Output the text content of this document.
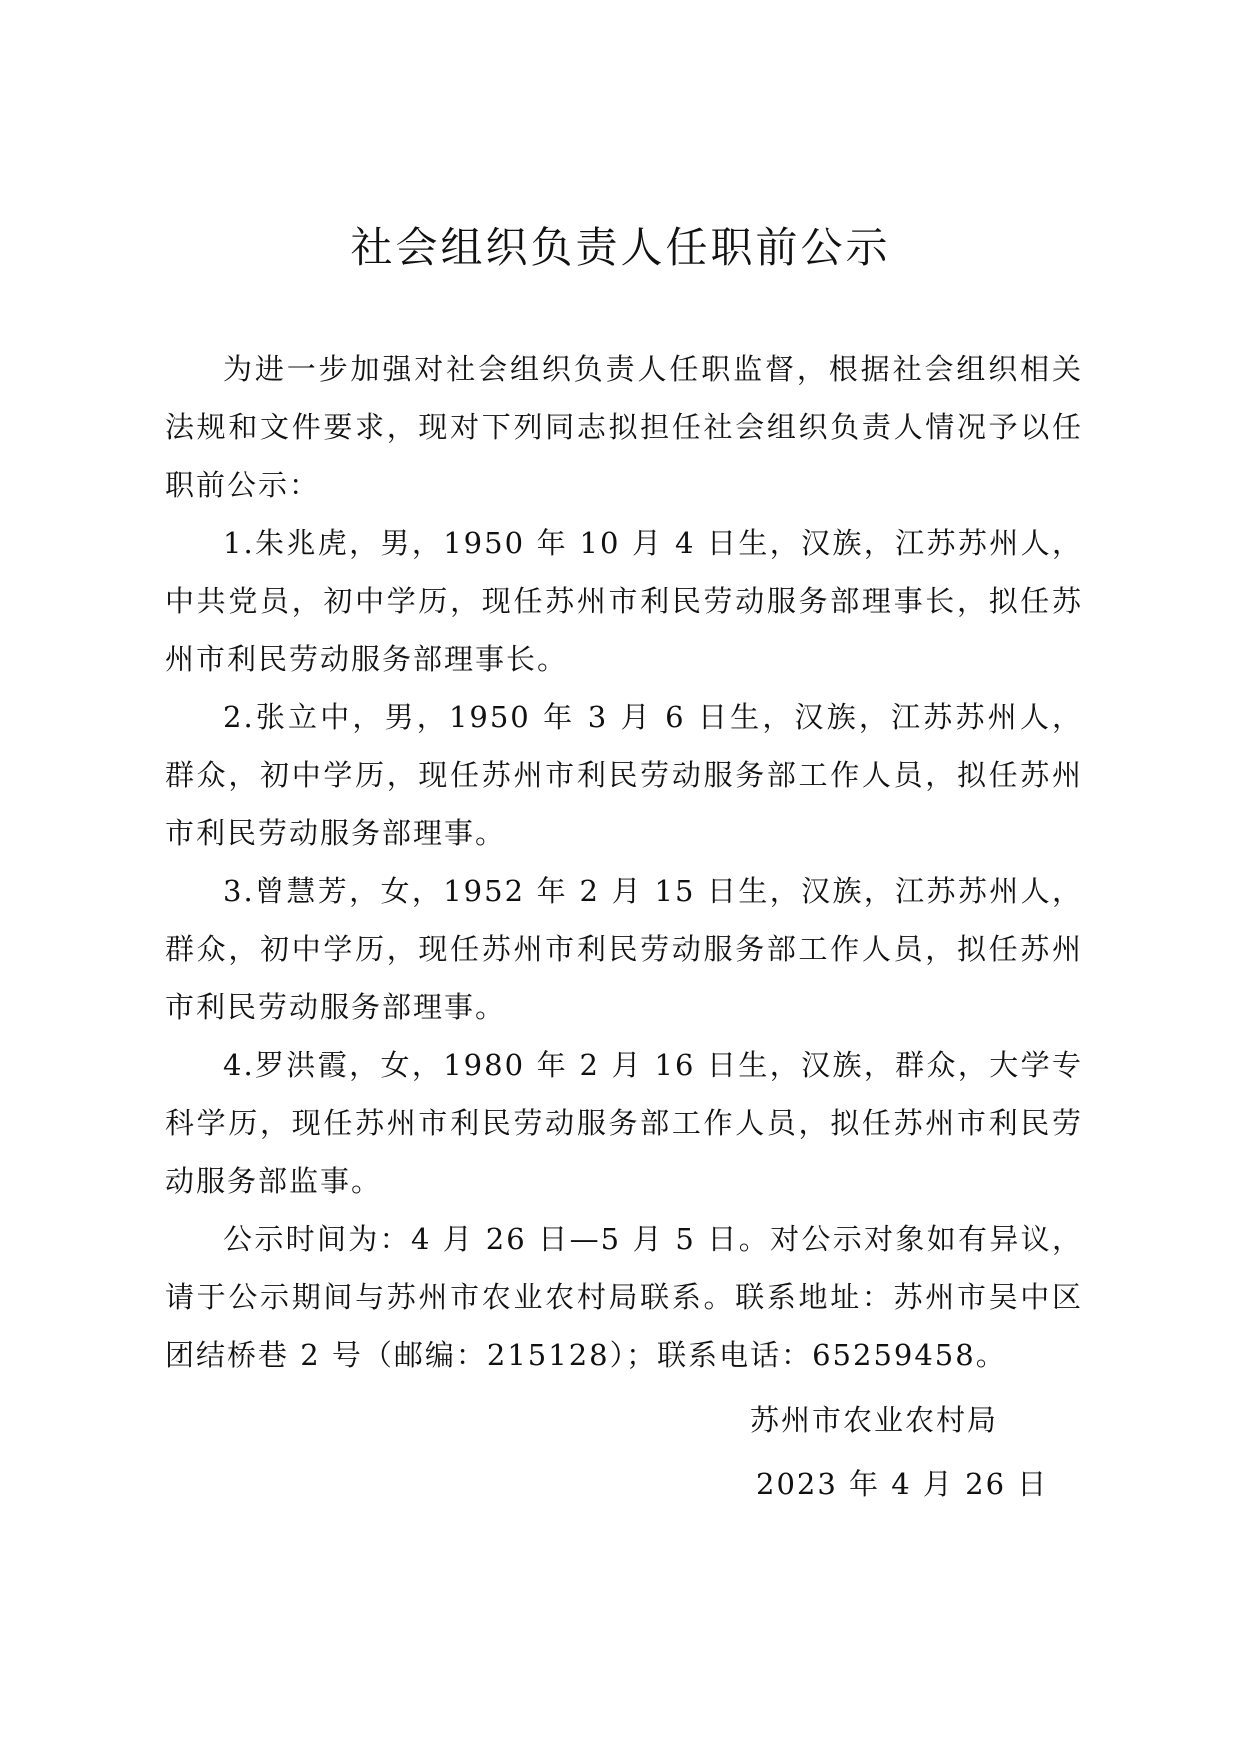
社会组织负责人任职前公示

为进一步加强对社会组织负责人任职监督，根据社会组织相关法规和文件要求，现对下列同志拟担任社会组织负责人情况予以任职前公示：

1.朱兆虎，男，1950 年 10 月 4 日生，汉族，江苏苏州人，中共党员，初中学历，现任苏州市利民劳动服务部理事长，拟任苏州市利民劳动服务部理事长。

2.张立中，男，1950 年 3 月 6 日生，汉族，江苏苏州人，群众，初中学历，现任苏州市利民劳动服务部工作人员，拟任苏州市利民劳动服务部理事。

3.曾慧芳，女，1952 年 2 月 15 日生，汉族，江苏苏州人，群众，初中学历，现任苏州市利民劳动服务部工作人员，拟任苏州市利民劳动服务部理事。

4.罗洪霞，女，1980 年 2 月 16 日生，汉族，群众，大学专科学历，现任苏州市利民劳动服务部工作人员，拟任苏州市利民劳动服务部监事。

公示时间为：4 月 26 日—5 月 5 日。对公示对象如有异议，请于公示期间与苏州市农业农村局联系。联系地址：苏州市吴中区团结桥巷 2 号（邮编：215128）；联系电话：65259458。

苏州市农业农村局
2023 年 4 月 26 日
